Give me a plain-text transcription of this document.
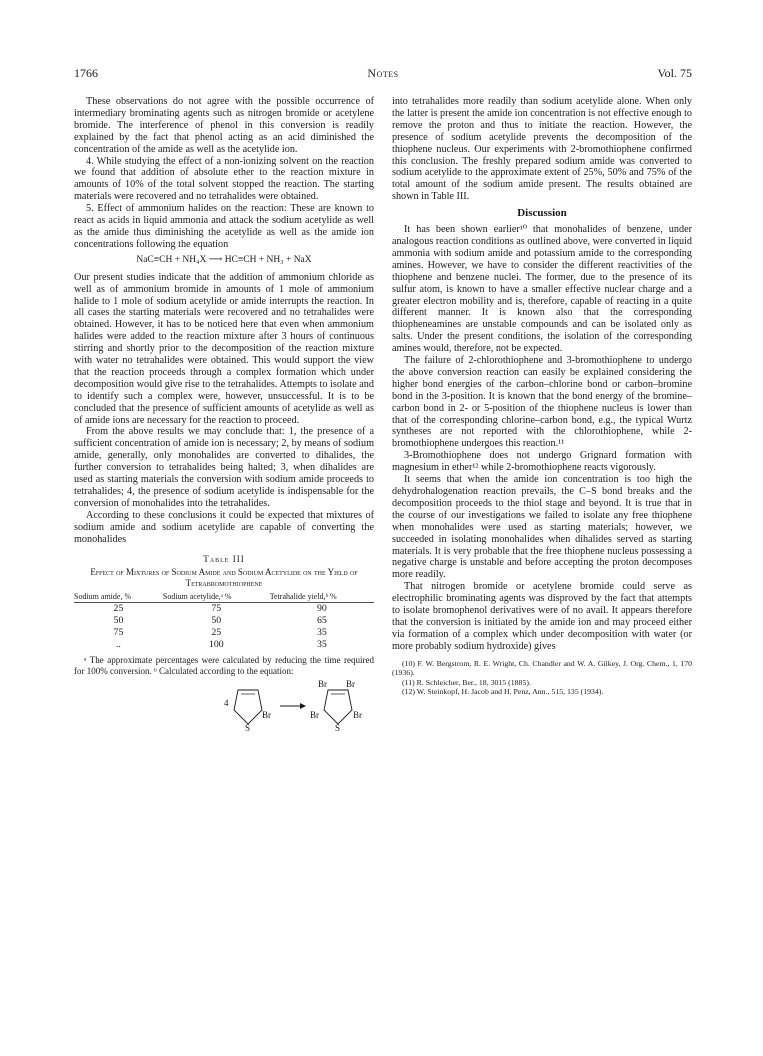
1766	Notes	Vol. 75

These observations do not agree with the possible occurrence of intermediary brominating agents such as nitrogen bromide or acetylene bromide. The interference of phenol in this conversion is readily explained by the fact that phenol acting as an acid diminished the concentration of the amide as well as the acetylide ion.

4. While studying the effect of a non-ionizing solvent on the reaction we found that addition of absolute ether to the reaction mixture in amounts of 10% of the total solvent stopped the reaction. The starting materials were recovered and no tetrahalides were obtained.

5. Effect of ammonium halides on the reaction: These are known to react as acids in liquid ammonia and attack the sodium acetylide as well as the amide thus diminishing the acetylide as well as the amide ion concentrations following the equation

NaC≡CH + NH₄X ⟶ HC≡CH + NH₃ + NaX

Our present studies indicate that the addition of ammonium chloride as well as of ammonium bromide in amounts of 1 mole of ammonium halide to 1 mole of sodium acetylide or amide interrupts the reaction. In all cases the starting materials were recovered and no tetrahalides were obtained. However, it has to be noticed here that even when ammonium halides were added to the reaction mixture after 3 hours of continuous stirring and shortly prior to the decomposition of the reaction mixture with water no tetrahalides were obtained. This would support the view that the reaction proceeds through a complex formation which under decomposition would give rise to the tetrahalides. Attempts to isolate and to identify such a complex were, however, unsuccessful. It is to be concluded that the presence of sufficient amounts of acetylide as well as of amide ions are necessary for the reaction to proceed.

From the above results we may conclude that: 1, the presence of a sufficient concentration of amide ion is necessary; 2, by means of sodium amide, generally, only monohalides are converted to dihalides, the further conversion to tetrahalides being halted; 3, when dihalides are used as starting materials the conversion with sodium amide proceeds to tetrahalides; 4, the presence of sodium acetylide is indispensable for the conversion of monohalides into the tetrahalides.

According to these conclusions it could be expected that mixtures of sodium amide and sodium acetylide are capable of converting the monohalides

Table III
Effect of Mixtures of Sodium Amide and Sodium Acetylide on the Yield of Tetrabromothiophene
Sodium amide, %	Sodium acetylide,ᵃ %	Tetrahalide yield,ᵇ %
25	75	90
50	50	65
75	25	35
..	100	35

ᵃ The approximate percentages were calculated by reducing the time required for 100% conversion. ᵇ Calculated according to the equation:

4
Br
S
Br Br
Br	Br
S

into tetrahalides more readily than sodium acetylide alone. When only the latter is present the amide ion concentration is not effective enough to remove the proton and thus to initiate the reaction. However, the presence of sodium acetylide prevents the decomposition of the thiophene nucleus. Our experiments with 2-bromothiophene confirmed this conclusion. The freshly prepared sodium amide was converted to sodium acetylide to the approximate extent of 25%, 50% and 75% of the total amount of the sodium amide present. The results obtained are shown in Table III.

Discussion

It has been shown earlier¹⁰ that monohalides of benzene, under analogous reaction conditions as outlined above, were converted in liquid ammonia with sodium amide and potassium amide to the corresponding amines. However, we have to consider the different reactivities of the thiophene and benzene nuclei. The former, due to the presence of its sulfur atom, is known to have a smaller effective nuclear charge and a greater electron mobility and is, therefore, capable of reacting in a quite different manner. It is known also that the corresponding thiopheneamines are unstable compounds and can be isolated only as salts. Under the present conditions, the isolation of the corresponding amines would, therefore, not be expected.

The failure of 2-chlorothiophene and 3-bromothiophene to undergo the above conversion reaction can easily be explained considering the higher bond energies of the carbon–chlorine bond or carbon–bromine bond in the 3-position. It is known that the bond energy of the bromine–carbon bond in 2- or 5-position of the thiophene nucleus is lower than that of the corresponding chlorine–carbon bond, e.g., the typical Wurtz syntheses are not reported with the chlorothiophene, while 2-bromothiophene undergoes this reaction.¹¹

3-Bromothiophene does not undergo Grignard formation with magnesium in ether¹² while 2-bromothiophene reacts vigorously.

It seems that when the amide ion concentration is too high the dehydrohalogenation reaction prevails, the C–S bond breaks and the decomposition proceeds to the thiol stage and beyond. It is true that in the course of our investigations we failed to isolate any free thiophene when monohalides were used as starting materials; however, we succeeded in isolating monohalides when dihalides served as starting materials. It is very probable that the free thiophene nucleus possessing a negative charge is unstable and before accepting the proton decomposes more readily.

That nitrogen bromide or acetylene bromide could serve as electrophilic brominating agents was disproved by the fact that attempts to isolate bromophenol derivatives were of no avail. It appears therefore that the conversion is initiated by the amide ion and may proceed either via formation of a complex which under decomposition with water (or more probably sodium hydroxide) gives

(10) F. W. Bergstrom, R. E. Wright, Ch. Chandler and W. A. Gilkey, J. Org. Chem., 1, 170 (1936).

(11) R. Schleicher, Ber., 18, 3015 (1885).

(12) W. Steinkopf, H. Jacob and H. Penz, Ann., 515, 135 (1934).
